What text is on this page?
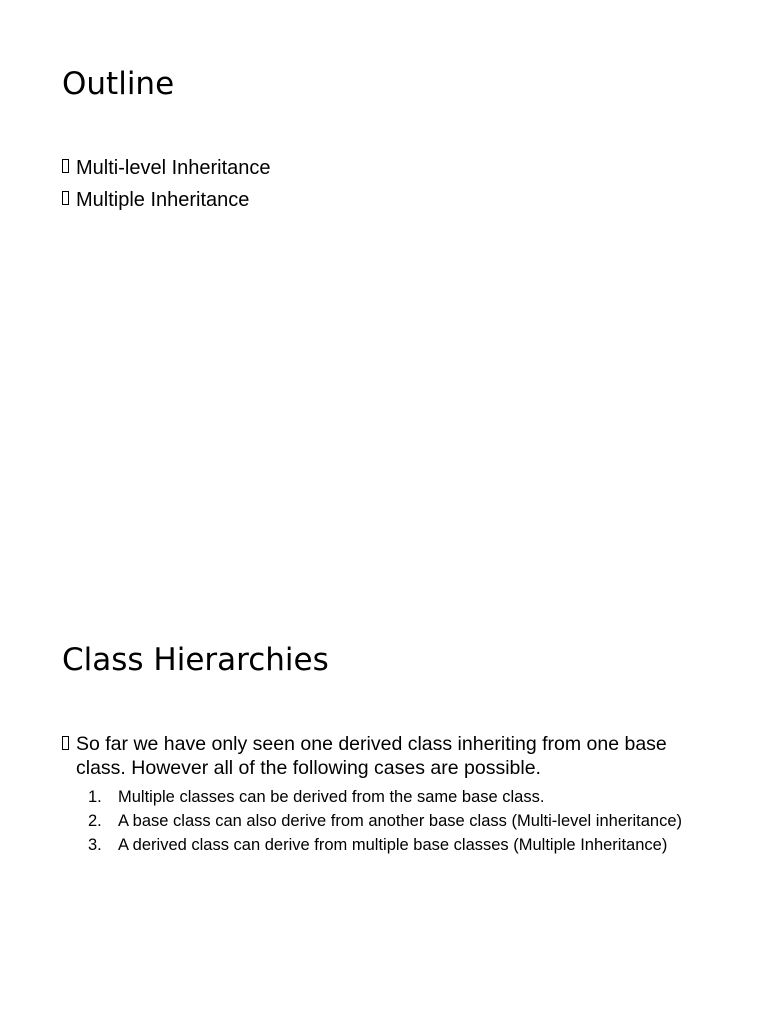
Outline
Multi-level Inheritance
Multiple Inheritance
Class Hierarchies
So far we have only seen one derived class inheriting from one base class. However all of the following cases are possible.
1. Multiple classes can be derived from the same base class.
2. A base class can also derive from another base class (Multi-level inheritance)
3. A derived class can derive from multiple base classes (Multiple Inheritance)
